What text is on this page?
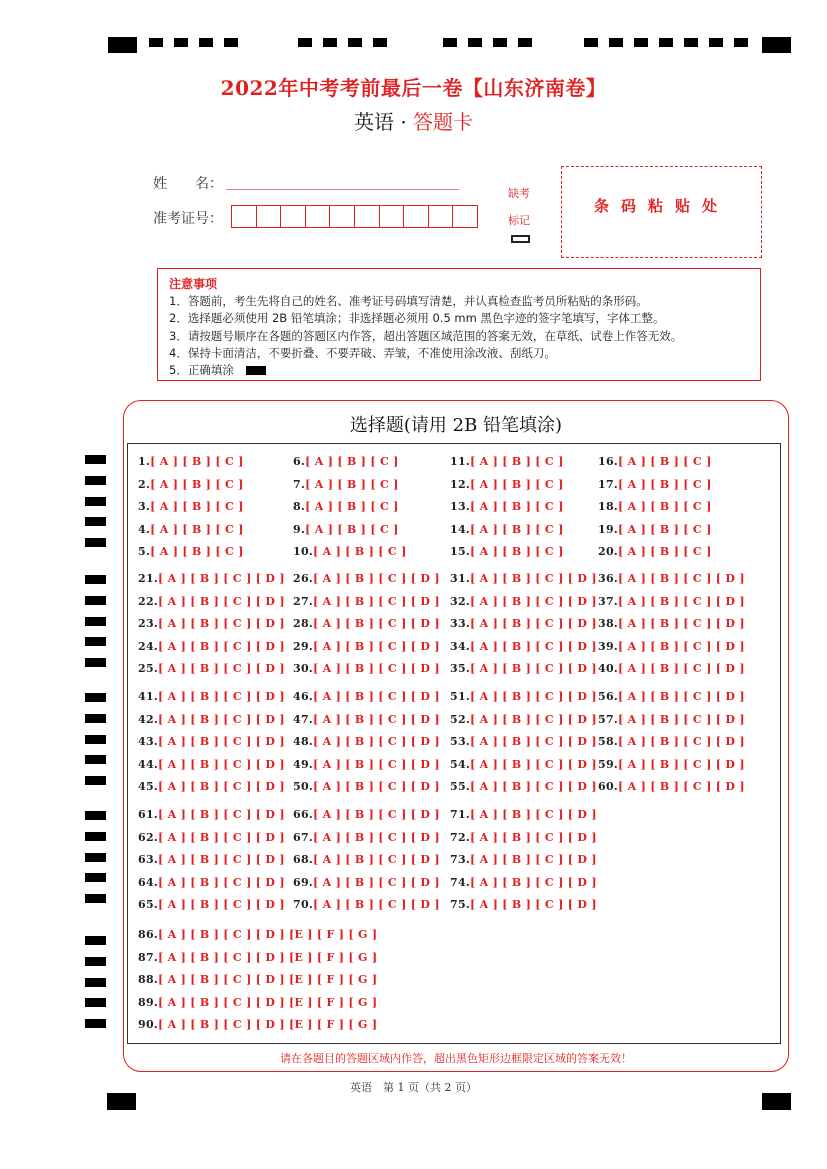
2022年中考考前最后一卷【山东济南卷】
英语 · 答题卡
姓　　名：
准考证号：
缺考
标记
条码粘贴处
注意事项
1．答题前，考生先将自己的姓名、准考证号码填写清楚，并认真检查监考员所粘贴的条形码。
2．选择题必须使用 2B 铅笔填涂；非选择题必须用 0.5 mm 黑色字迹的签字笔填写，字体工整。
3．请按题号顺序在各题的答题区内作答，超出答题区域范围的答案无效，在草纸、试卷上作答无效。
4．保持卡面清洁，不要折叠、不要弄破、弄皱，不准使用涂改液、刮纸刀。
5．正确填涂
选择题(请用 2B 铅笔填涂)
1.[ A ] [ B ] [ C ]
2.[ A ] [ B ] [ C ]
3.[ A ] [ B ] [ C ]
4.[ A ] [ B ] [ C ]
5.[ A ] [ B ] [ C ]
6.[ A ] [ B ] [ C ]
7.[ A ] [ B ] [ C ]
8.[ A ] [ B ] [ C ]
9.[ A ] [ B ] [ C ]
10.[ A ] [ B ] [ C ]
11.[ A ] [ B ] [ C ]
12.[ A ] [ B ] [ C ]
13.[ A ] [ B ] [ C ]
14.[ A ] [ B ] [ C ]
15.[ A ] [ B ] [ C ]
16.[ A ] [ B ] [ C ]
17.[ A ] [ B ] [ C ]
18.[ A ] [ B ] [ C ]
19.[ A ] [ B ] [ C ]
20.[ A ] [ B ] [ C ]
21.[ A ] [ B ] [ C ] [ D ]
22.[ A ] [ B ] [ C ] [ D ]
23.[ A ] [ B ] [ C ] [ D ]
24.[ A ] [ B ] [ C ] [ D ]
25.[ A ] [ B ] [ C ] [ D ]
26.[ A ] [ B ] [ C ] [ D ]
27.[ A ] [ B ] [ C ] [ D ]
28.[ A ] [ B ] [ C ] [ D ]
29.[ A ] [ B ] [ C ] [ D ]
30.[ A ] [ B ] [ C ] [ D ]
31.[ A ] [ B ] [ C ] [ D ]
32.[ A ] [ B ] [ C ] [ D ]
33.[ A ] [ B ] [ C ] [ D ]
34.[ A ] [ B ] [ C ] [ D ]
35.[ A ] [ B ] [ C ] [ D ]
36.[ A ] [ B ] [ C ] [ D ]
37.[ A ] [ B ] [ C ] [ D ]
38.[ A ] [ B ] [ C ] [ D ]
39.[ A ] [ B ] [ C ] [ D ]
40.[ A ] [ B ] [ C ] [ D ]
41.[ A ] [ B ] [ C ] [ D ]
42.[ A ] [ B ] [ C ] [ D ]
43.[ A ] [ B ] [ C ] [ D ]
44.[ A ] [ B ] [ C ] [ D ]
45.[ A ] [ B ] [ C ] [ D ]
46.[ A ] [ B ] [ C ] [ D ]
47.[ A ] [ B ] [ C ] [ D ]
48.[ A ] [ B ] [ C ] [ D ]
49.[ A ] [ B ] [ C ] [ D ]
50.[ A ] [ B ] [ C ] [ D ]
51.[ A ] [ B ] [ C ] [ D ]
52.[ A ] [ B ] [ C ] [ D ]
53.[ A ] [ B ] [ C ] [ D ]
54.[ A ] [ B ] [ C ] [ D ]
55.[ A ] [ B ] [ C ] [ D ]
56.[ A ] [ B ] [ C ] [ D ]
57.[ A ] [ B ] [ C ] [ D ]
58.[ A ] [ B ] [ C ] [ D ]
59.[ A ] [ B ] [ C ] [ D ]
60.[ A ] [ B ] [ C ] [ D ]
61.[ A ] [ B ] [ C ] [ D ]
62.[ A ] [ B ] [ C ] [ D ]
63.[ A ] [ B ] [ C ] [ D ]
64.[ A ] [ B ] [ C ] [ D ]
65.[ A ] [ B ] [ C ] [ D ]
66.[ A ] [ B ] [ C ] [ D ]
67.[ A ] [ B ] [ C ] [ D ]
68.[ A ] [ B ] [ C ] [ D ]
69.[ A ] [ B ] [ C ] [ D ]
70.[ A ] [ B ] [ C ] [ D ]
71.[ A ] [ B ] [ C ] [ D ]
72.[ A ] [ B ] [ C ] [ D ]
73.[ A ] [ B ] [ C ] [ D ]
74.[ A ] [ B ] [ C ] [ D ]
75.[ A ] [ B ] [ C ] [ D ]
86.[ A ] [ B ] [ C ] [ D ] [E ] [ F ] [ G ]
87.[ A ] [ B ] [ C ] [ D ] [E ] [ F ] [ G ]
88.[ A ] [ B ] [ C ] [ D ] [E ] [ F ] [ G ]
89.[ A ] [ B ] [ C ] [ D ] [E ] [ F ] [ G ]
90.[ A ] [ B ] [ C ] [ D ] [E ] [ F ] [ G ]
请在各题目的答题区域内作答，超出黑色矩形边框限定区域的答案无效！
英语　第 1 页（共 2 页）
